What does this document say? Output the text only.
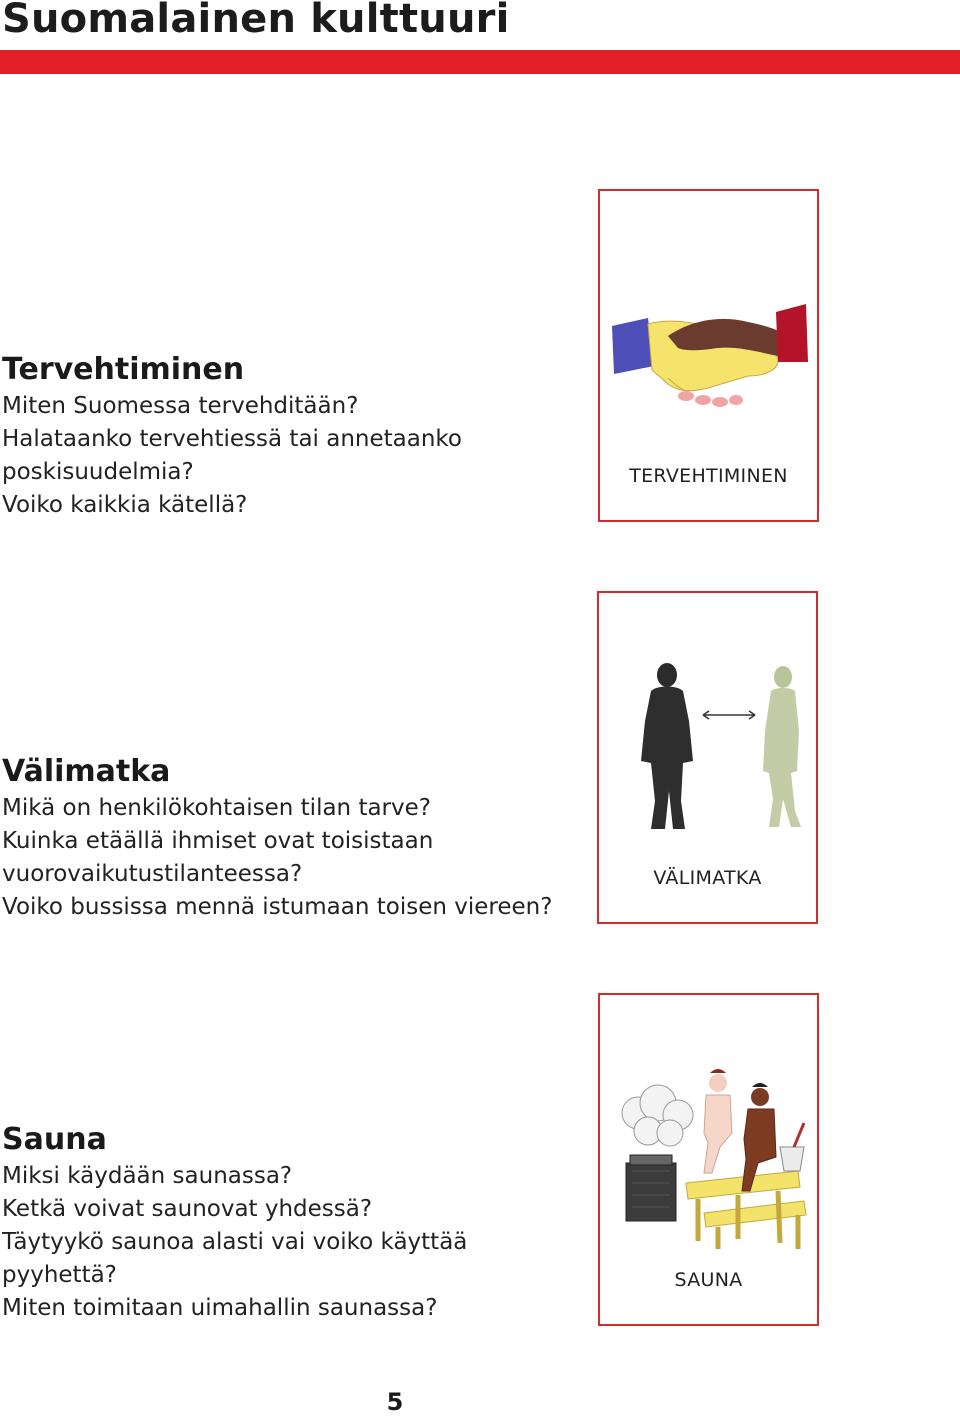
Suomalainen kulttuuri
Tervehtiminen

Miten Suomessa tervehditään?

Halataanko tervehtiessä tai annetaanko

poskisuudelmia?

Voiko kaikkia kätellä?

TERVEHTIMINEN
Välimatka

Mikä on henkilökohtaisen tilan tarve?

Kuinka etäällä ihmiset ovat toisistaan

vuorovaikutustilanteessa?

Voiko bussissa mennä istumaan toisen viereen?

VÄLIMATKA
Sauna

Miksi käydään saunassa?

Ketkä voivat saunovat yhdessä?

Täytyykö saunoa alasti vai voiko käyttää

pyyhettä?

Miten toimitaan uimahallin saunassa?

SAUNA
5
